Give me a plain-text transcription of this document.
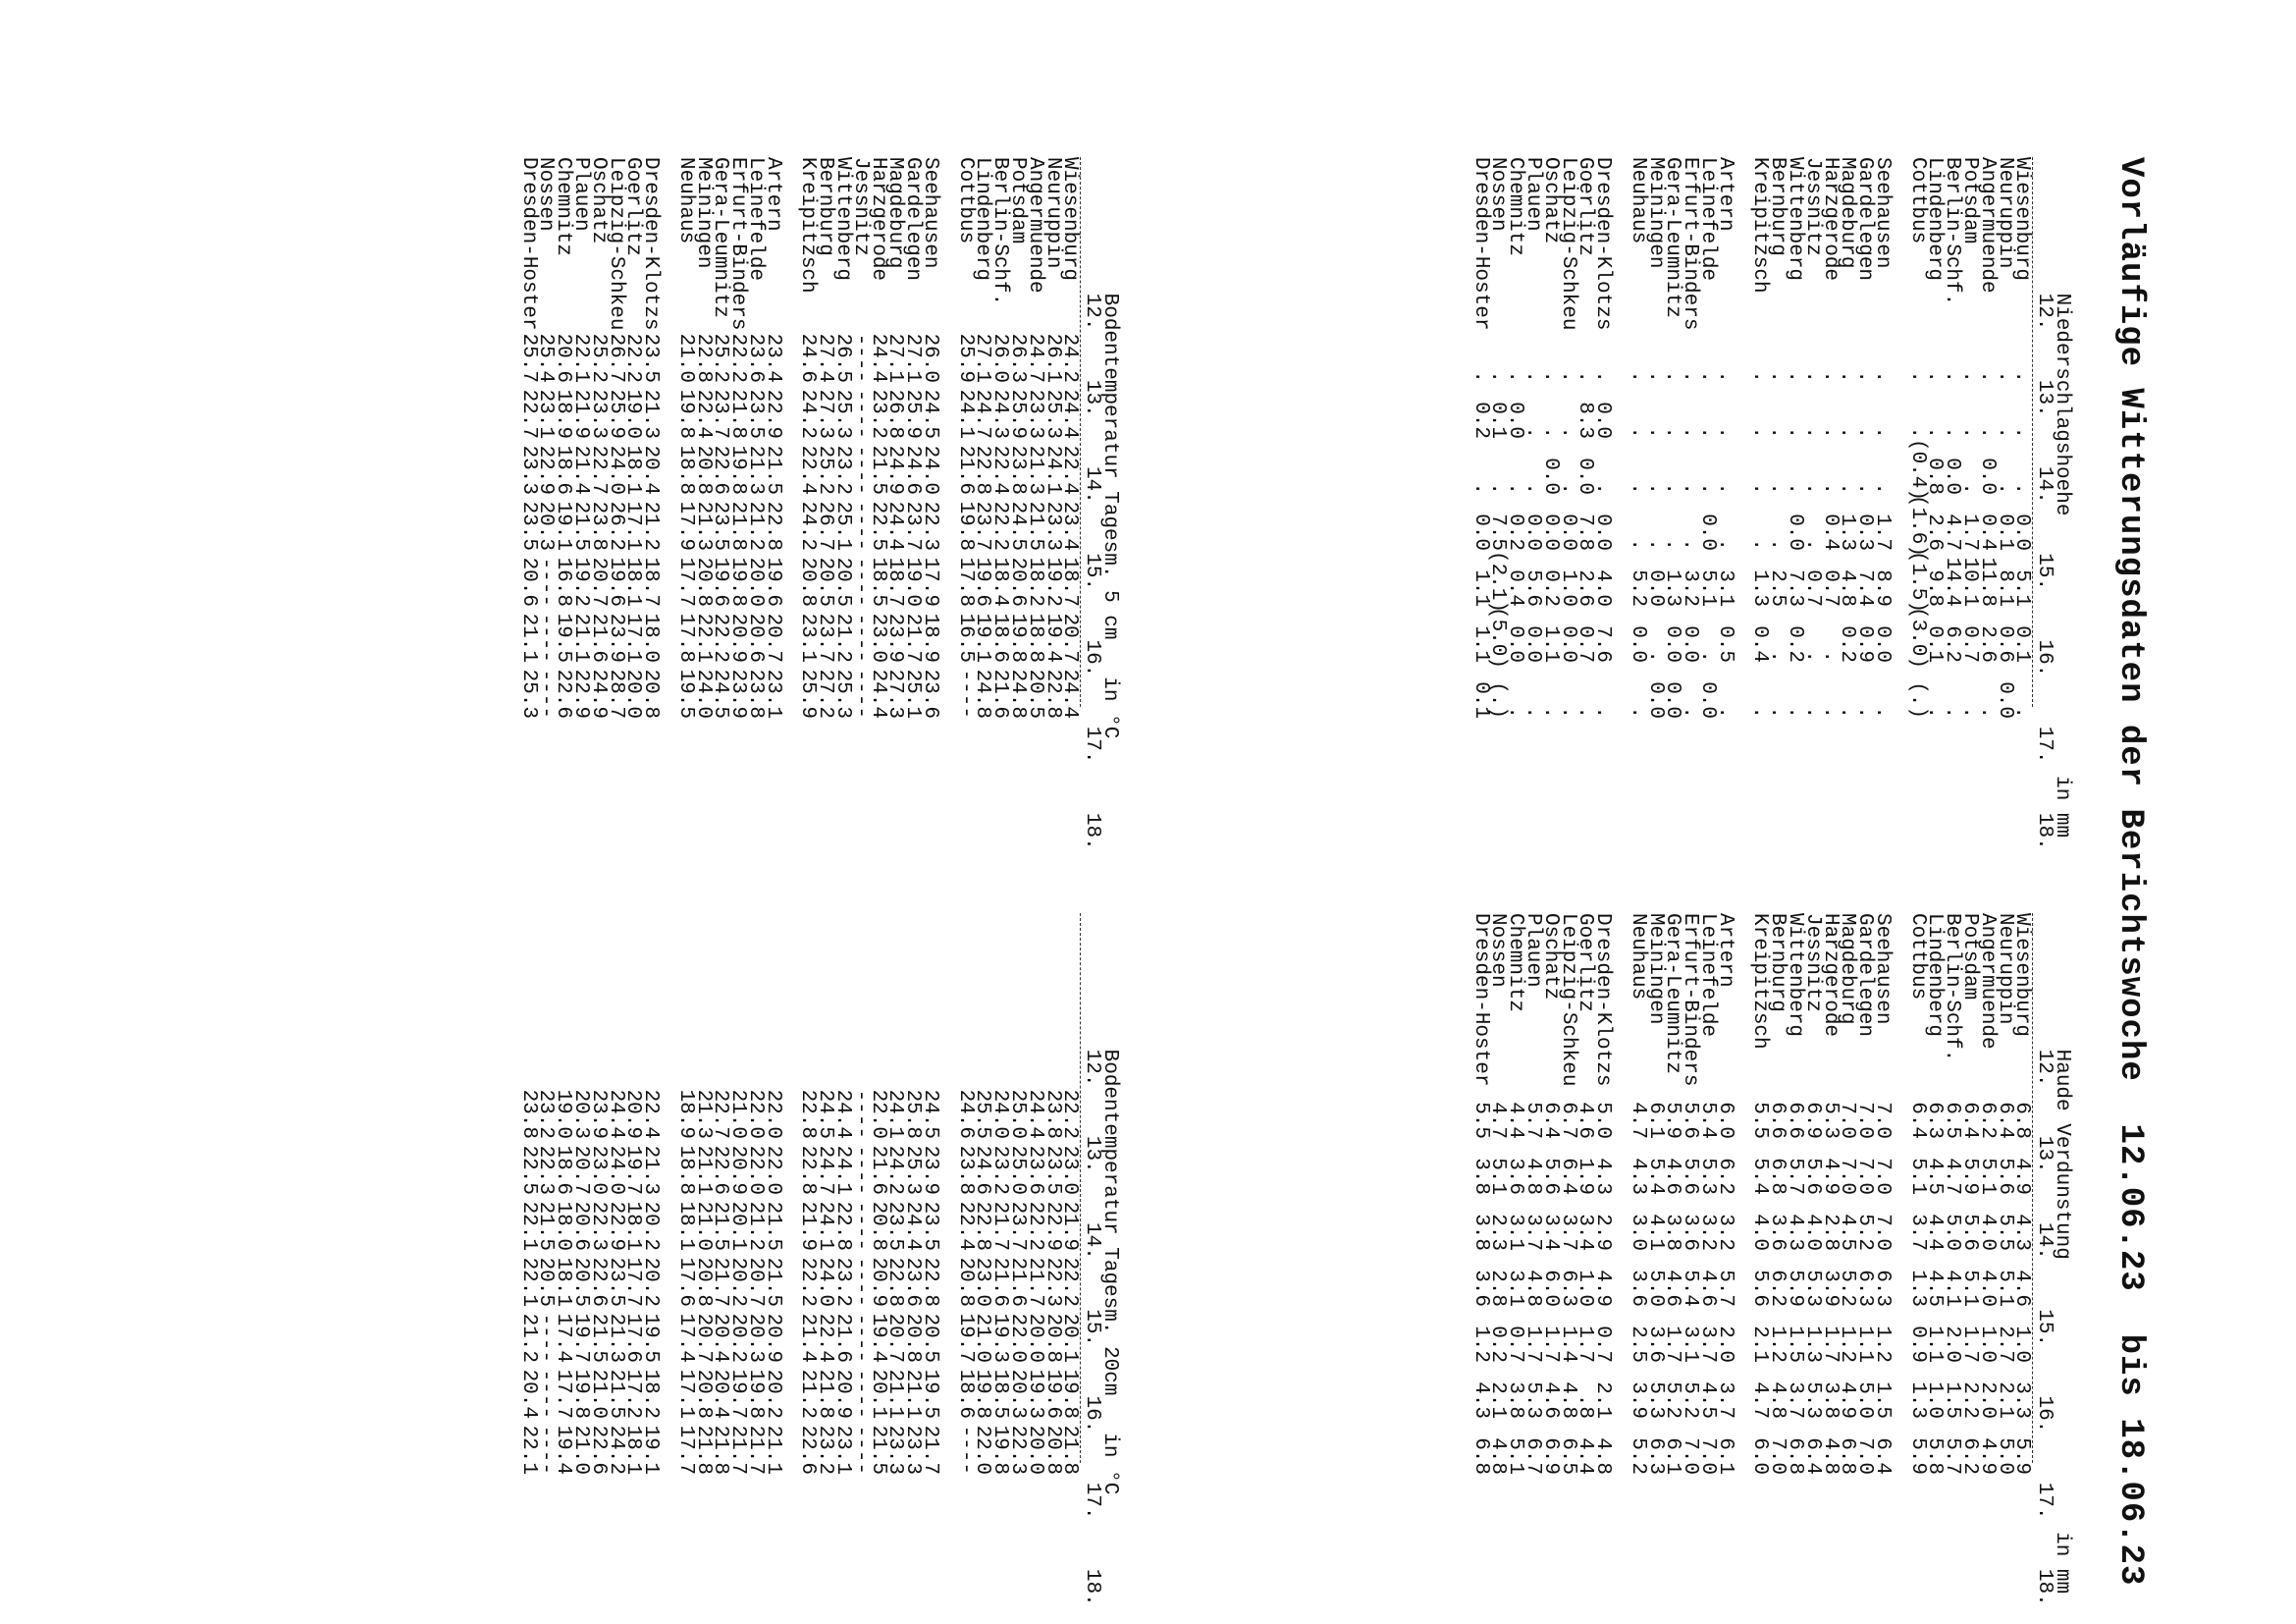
Vorläufige Witterungsdaten der Berichtswoche  12.06.23  bis 18.06.23
Niederschlagshoehe                     in mm
12.    13.    14.    15.    16.    17.    18.
Wiesenburg...0.05.10.1.
Neuruppin...0.18.10.60.0
Angermuende..0.00.411.82.6.
Potsdam...1.710.10.7.
Berlin-Schf...0.04.714.46.2.
Lindenberg..0.82.69.80.1.
Cottbus..(0.4)(1.6)(1.5)(3.0)(.)
Seehausen...1.78.90.0.
Gardelegen...0.37.40.9.
Magdeburg...1.34.80.2.
Harzgerode...0.40.7..
Jessnitz....0.7..
Wittenberg...0.07.30.2.
Bernburg....2.5..
Kreipitzsch....1.30.4.
Artern....3.10.5.
Leinefelde...0.05.1.0.0
Erfurt-Binders....3.20.0.
Gera-Leumnitz....1.30.00.0
Meiningen....0.0.0.0
Neuhaus....5.20.0.
Dresden-Klotzs.0.0.0.04.07.6.
Goerlitz.8.30.07.82.60.7.
Leipzig-Schkeu...0.01.00.0.
Oschatz..0.00.00.21.1.
Plauen...0.05.60.0.
Chemnitz.0.0.0.20.40.0.
Nossen.0.1.7.5(2.1)(5.0)(.)
Dresden-Hoster.0.2.0.01.11.10.1
Haude Verdunstung                      in mm
12.    13.    14.    15.    16.    17.    18.
Wiesenburg6.84.94.34.61.03.35.9
Neuruppin6.45.65.55.12.72.15.0
Angermuende6.25.14.04.01.02.04.9
Potsdam6.45.95.65.11.72.26.2
Berlin-Schf.6.54.75.04.12.01.55.7
Lindenberg6.34.54.44.51.11.05.8
Cottbus6.45.13.71.30.91.35.9
Seehausen7.07.07.06.31.21.56.4
Gardelegen7.07.05.26.31.15.07.0
Magdeburg7.07.04.55.21.24.96.8
Harzgerode5.34.92.83.91.73.84.8
Jessnitz6.95.64.05.31.35.36.4
Wittenberg6.65.74.35.91.53.76.8
Bernburg6.66.83.66.21.24.87.0
Kreipitzsch5.55.44.05.62.14.76.0
Artern6.06.23.25.72.03.76.1
Leinefelde5.45.33.24.63.74.57.0
Erfurt-Binders5.65.63.65.43.15.27.0
Gera-Leumnitz5.94.63.84.61.75.26.1
Meiningen6.15.44.15.03.65.36.3
Neuhaus4.74.33.03.62.53.95.2
Dresden-Klotzs5.04.32.94.90.72.14.8
Goerlitz4.61.93.41.01.7.84.4
Leipzig-Schkeu6.76.43.76.31.44.86.5
Oschatz6.45.63.46.01.74.66.9
Plauen5.74.83.74.81.75.36.7
Chemnitz4.43.63.13.10.73.85.1
Nossen4.75.12.32.80.22.14.8
Dresden-Hoster5.53.83.83.61.24.36.8
Bodentemperatur Tagesm. 5 cm   in °C
12.    13.    14.    15.    16.    17.    18.
Wiesenburg24.224.422.423.418.720.724.4
Neuruppin26.125.324.123.319.219.422.8
Angermuende24.723.321.321.518.218.820.5
Potsdam26.325.923.824.520.619.824.8
Berlin-Schf.26.024.322.422.218.418.621.6
Lindenberg27.124.722.823.719.619.124.8
Cottbus25.924.121.619.817.816.5----
Seehausen26.024.524.022.317.918.923.6
Gardelegen27.125.924.623.719.021.725.1
Magdeburg27.126.824.924.418.723.927.3
Harzgerode24.423.221.522.518.523.024.4
Jessnitz----------------------------
Wittenberg26.525.323.225.120.521.225.3
Bernburg27.427.325.226.720.523.727.2
Kreipitzsch24.624.222.424.220.823.125.9
Artern23.422.921.522.819.620.723.1
Leinefelde23.623.521.321.220.020.623.8
Erfurt-Binders.22.221.819.821.819.820.923.9
Gera-Leumnitz25.223.722.623.519.622.224.5
Meiningen22.822.420.821.320.822.124.0
Neuhaus21.019.818.817.917.717.819.5
Dresden-Klotzs.23.521.320.421.218.718.020.8
Goerlitz22.219.018.117.118.117.120.0
Leipzig-Schkeu.26.725.924.026.219.623.928.7
Oschatz25.223.322.723.820.721.624.9
Plauen22.121.921.421.519.221.122.9
Chemnitz20.618.918.619.116.819.522.6
Nossen25.423.122.920.3------------
Dresden-Hoster.25.722.723.323.520.621.125.3
Bodentemperatur Tagesm. 20cm   in °C
12.    13.    14.    15.    16.    17.    18.
22.223.021.922.220.119.821.8
23.823.522.922.320.819.620.8
24.423.622.221.720.019.320.0
25.025.023.721.622.020.322.3
24.023.221.721.619.318.519.8
25.524.622.823.021.019.822.0
24.623.822.420.819.718.6----
24.523.923.522.820.519.521.7
25.825.324.423.620.821.123.3
24.124.223.522.820.721.123.3
22.021.620.820.919.420.121.5
----------------------------
24.424.122.823.221.620.923.1
24.524.724.124.022.421.823.2
22.822.821.922.221.421.222.6
22.022.021.521.520.920.221.1
22.022.021.220.720.319.821.7
21.020.920.120.220.219.721.7
22.722.621.521.720.420.421.8
21.321.121.020.820.720.821.8
18.918.818.117.617.417.117.7
22.421.320.220.219.518.219.1
20.919.718.117.717.617.218.1
24.424.022.923.521.321.524.2
23.923.022.322.621.521.022.6
20.320.720.620.519.719.821.0
19.018.618.018.117.417.719.4
23.222.321.520.5------------
23.822.522.122.121.220.422.1
